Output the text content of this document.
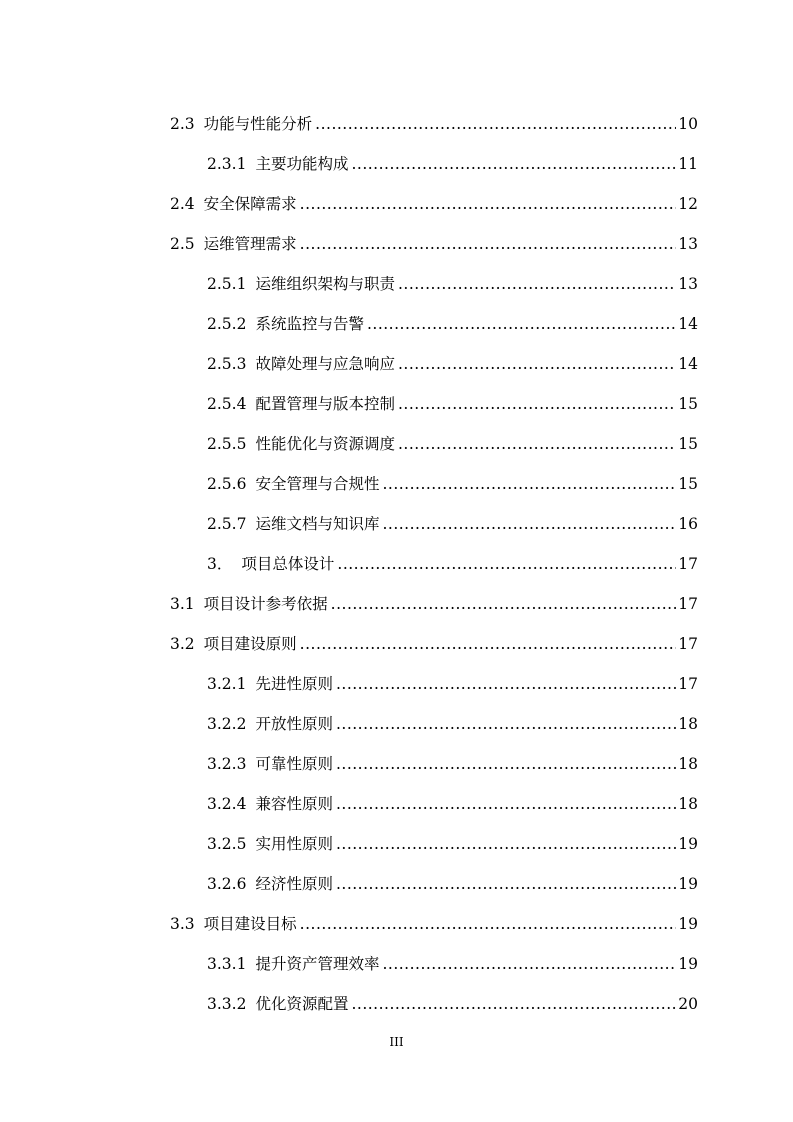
2.3 功能与性能分析 .....	10
2.3.1 主要功能构成 .....	11
2.4 安全保障需求 .....	12
2.5 运维管理需求 .....	13
2.5.1 运维组织架构与职责 .....	13
2.5.2 系统监控与告警 .....	14
2.5.3 故障处理与应急响应 .....	14
2.5.4 配置管理与版本控制 .....	15
2.5.5 性能优化与资源调度 .....	15
2.5.6 安全管理与合规性 .....	15
2.5.7 运维文档与知识库 .....	16
3． 项目总体设计 .....	17
3.1 项目设计参考依据 .....	17
3.2 项目建设原则 .....	17
3.2.1 先进性原则 .....	17
3.2.2 开放性原则 .....	18
3.2.3 可靠性原则 .....	18
3.2.4 兼容性原则 .....	18
3.2.5 实用性原则 .....	19
3.2.6 经济性原则 .....	19
3.3 项目建设目标 .....	19
3.3.1 提升资产管理效率 .....	19
3.3.2 优化资源配置 .....	20
III
